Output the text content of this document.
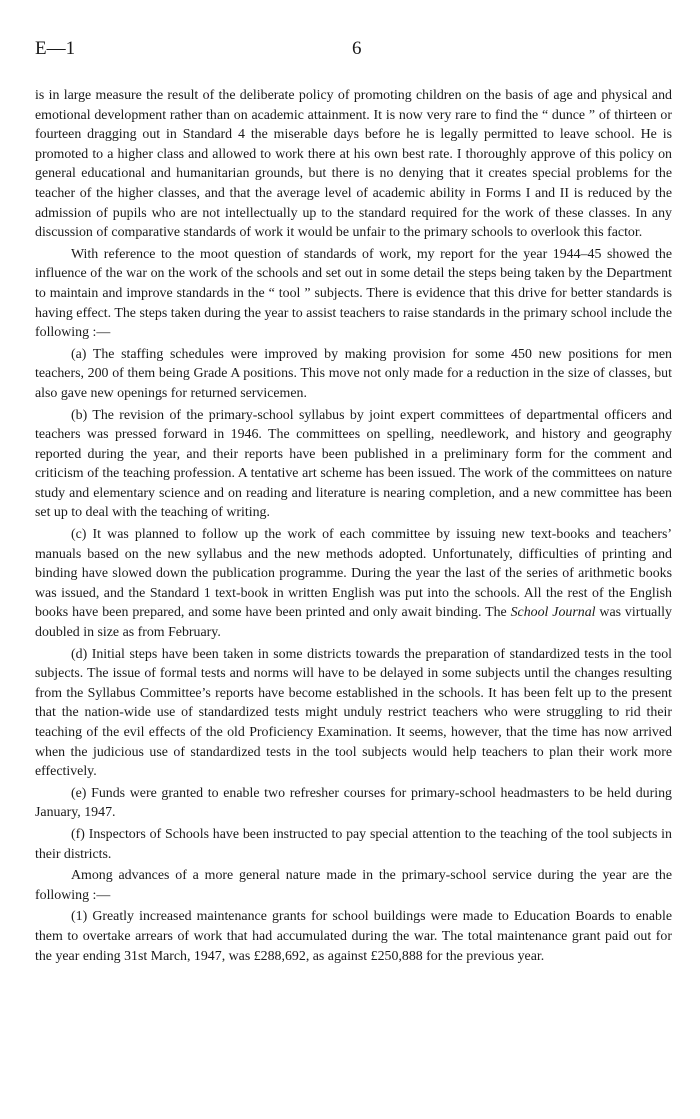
E—1	6

is in large measure the result of the deliberate policy of promoting children on the basis of age and physical and emotional development rather than on academic attainment. It is now very rare to find the “ dunce ” of thirteen or fourteen dragging out in Standard 4 the miserable days before he is legally permitted to leave school. He is promoted to a higher class and allowed to work there at his own best rate. I thoroughly approve of this policy on general educational and humanitarian grounds, but there is no denying that it creates special problems for the teacher of the higher classes, and that the average level of academic ability in Forms I and II is reduced by the admission of pupils who are not intellectually up to the standard required for the work of these classes. In any discussion of comparative standards of work it would be unfair to the primary schools to overlook this factor.

With reference to the moot question of standards of work, my report for the year 1944–45 showed the influence of the war on the work of the schools and set out in some detail the steps being taken by the Department to maintain and improve standards in the “ tool ” subjects. There is evidence that this drive for better standards is having effect. The steps taken during the year to assist teachers to raise standards in the primary school include the following :—

(a) The staffing schedules were improved by making provision for some 450 new positions for men teachers, 200 of them being Grade A positions. This move not only made for a reduction in the size of classes, but also gave new openings for returned servicemen.

(b) The revision of the primary-school syllabus by joint expert committees of departmental officers and teachers was pressed forward in 1946. The committees on spelling, needlework, and history and geography reported during the year, and their reports have been published in a preliminary form for the comment and criticism of the teaching profession. A tentative art scheme has been issued. The work of the committees on nature study and elementary science and on reading and literature is nearing completion, and a new committee has been set up to deal with the teaching of writing.

(c) It was planned to follow up the work of each committee by issuing new text-books and teachers’ manuals based on the new syllabus and the new methods adopted. Unfortunately, difficulties of printing and binding have slowed down the publication programme. During the year the last of the series of arithmetic books was issued, and the Standard 1 text-book in written English was put into the schools. All the rest of the English books have been prepared, and some have been printed and only await binding. The School Journal was virtually doubled in size as from February.

(d) Initial steps have been taken in some districts towards the preparation of standardized tests in the tool subjects. The issue of formal tests and norms will have to be delayed in some subjects until the changes resulting from the Syllabus Committee’s reports have become established in the schools. It has been felt up to the present that the nation-wide use of standardized tests might unduly restrict teachers who were struggling to rid their teaching of the evil effects of the old Proficiency Examination. It seems, however, that the time has now arrived when the judicious use of standardized tests in the tool subjects would help teachers to plan their work more effectively.

(e) Funds were granted to enable two refresher courses for primary-school headmasters to be held during January, 1947.

(f) Inspectors of Schools have been instructed to pay special attention to the teaching of the tool subjects in their districts.

Among advances of a more general nature made in the primary-school service during the year are the following :—

(1) Greatly increased maintenance grants for school buildings were made to Education Boards to enable them to overtake arrears of work that had accumulated during the war. The total maintenance grant paid out for the year ending 31st March, 1947, was £288,692, as against £250,888 for the previous year.
